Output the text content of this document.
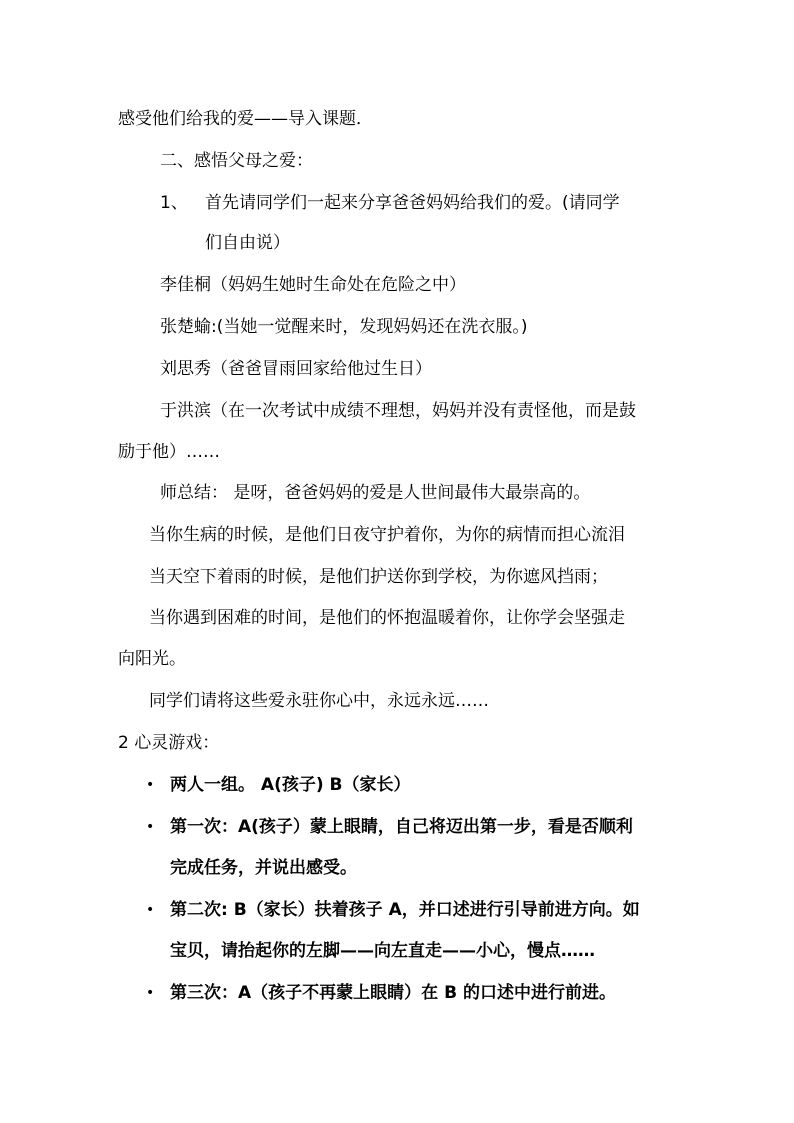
感受他们给我的爱——导入课题．
二、感悟父母之爱：
1、 首先请同学们一起来分享爸爸妈妈给我们的爱。(请同学
们自由说）
李佳桐（妈妈生她时生命处在危险之中）
张楚蝓:(当她一觉醒来时，发现妈妈还在洗衣服。)
刘思秀（爸爸冒雨回家给他过生日）
于洪滨（在一次考试中成绩不理想，妈妈并没有责怪他，而是鼓
励于他）……
师总结： 是呀，爸爸妈妈的爱是人世间最伟大最崇高的。
当你生病的时候，是他们日夜守护着你，为你的病情而担心流泪
当天空下着雨的时候，是他们护送你到学校，为你遮风挡雨；
当你遇到困难的时间，是他们的怀抱温暖着你，让你学会坚强走
向阳光。
同学们请将这些爱永驻你心中，永远永远……
2 心灵游戏：
• 两人一组。 A(孩子) B（家长）
• 第一次：A(孩子）蒙上眼睛，自己将迈出第一步，看是否顺利
完成任务，并说出感受。
• 第二次: B（家长）扶着孩子 A，并口述进行引导前进方向。如
宝贝，请抬起你的左脚——向左直走——小心，慢点……
• 第三次：A（孩子不再蒙上眼睛）在 B 的口述中进行前进。
